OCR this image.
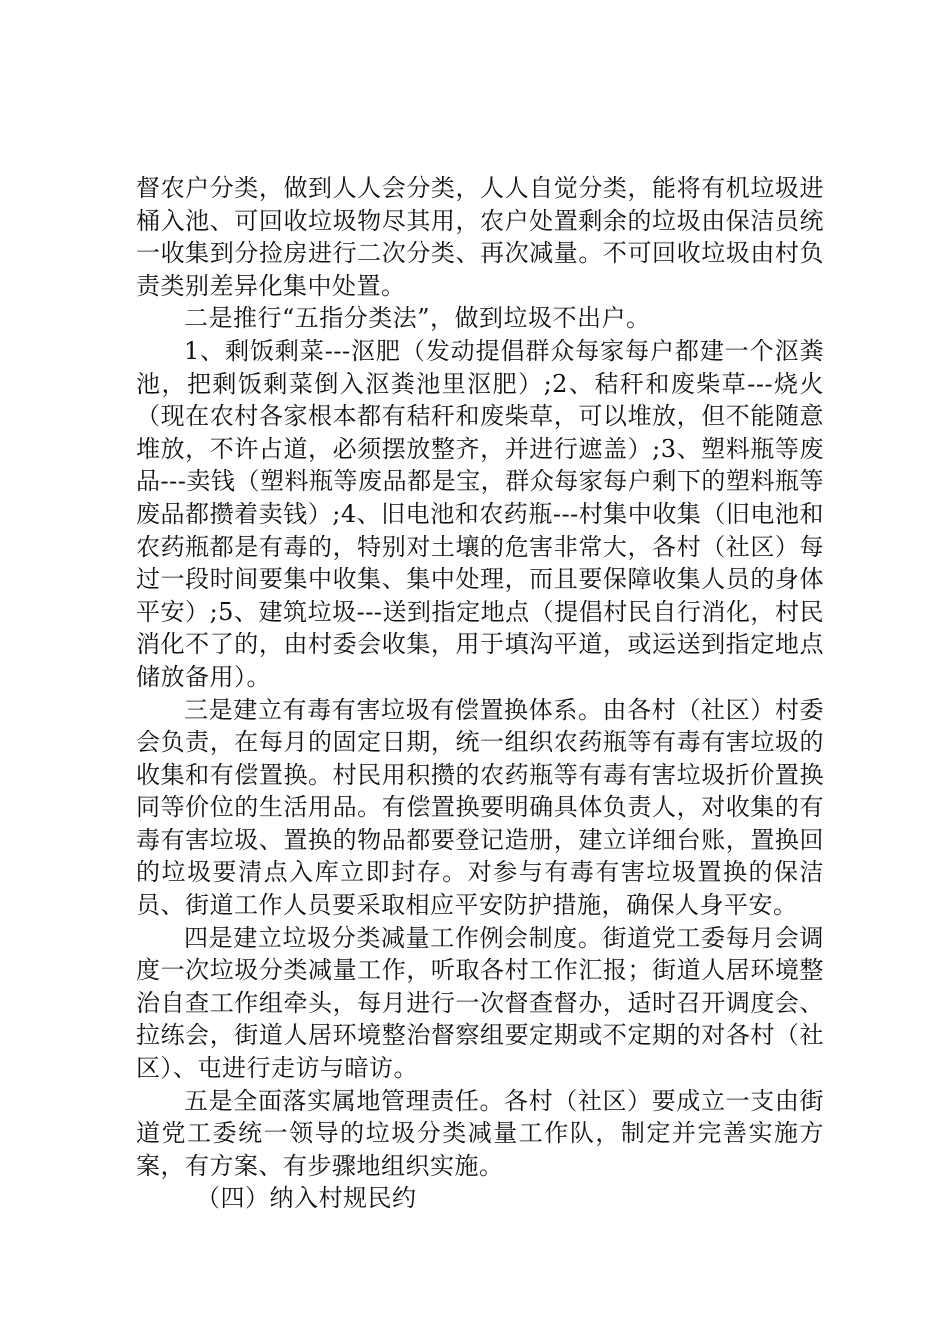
督农户分类，做到人人会分类，人人自觉分类，能将有机垃圾进桶入池、可回收垃圾物尽其用，农户处置剩余的垃圾由保洁员统一收集到分捡房进行二次分类、再次减量。不可回收垃圾由村负责类别差异化集中处置。

二是推行“五指分类法”，做到垃圾不出户。

1、剩饭剩菜---沤肥（发动提倡群众每家每户都建一个沤粪池，把剩饭剩菜倒入沤粪池里沤肥）;2、秸秆和废柴草---烧火（现在农村各家根本都有秸秆和废柴草，可以堆放，但不能随意堆放，不许占道，必须摆放整齐，并进行遮盖）;3、塑料瓶等废品---卖钱（塑料瓶等废品都是宝，群众每家每户剩下的塑料瓶等废品都攒着卖钱）;4、旧电池和农药瓶---村集中收集（旧电池和农药瓶都是有毒的，特别对土壤的危害非常大，各村（社区）每过一段时间要集中收集、集中处理，而且要保障收集人员的身体平安）;5、建筑垃圾---送到指定地点（提倡村民自行消化，村民消化不了的，由村委会收集，用于填沟平道，或运送到指定地点储放备用）。

三是建立有毒有害垃圾有偿置换体系。由各村（社区）村委会负责，在每月的固定日期，统一组织农药瓶等有毒有害垃圾的收集和有偿置换。村民用积攒的农药瓶等有毒有害垃圾折价置换同等价位的生活用品。有偿置换要明确具体负责人，对收集的有毒有害垃圾、置换的物品都要登记造册，建立详细台账，置换回的垃圾要清点入库立即封存。对参与有毒有害垃圾置换的保洁员、街道工作人员要采取相应平安防护措施，确保人身平安。

四是建立垃圾分类减量工作例会制度。街道党工委每月会调度一次垃圾分类减量工作，听取各村工作汇报；街道人居环境整治自查工作组牵头，每月进行一次督查督办，适时召开调度会、拉练会，街道人居环境整治督察组要定期或不定期的对各村（社区）、屯进行走访与暗访。

五是全面落实属地管理责任。各村（社区）要成立一支由街道党工委统一领导的垃圾分类减量工作队，制定并完善实施方案，有方案、有步骤地组织实施。

（四）纳入村规民约
